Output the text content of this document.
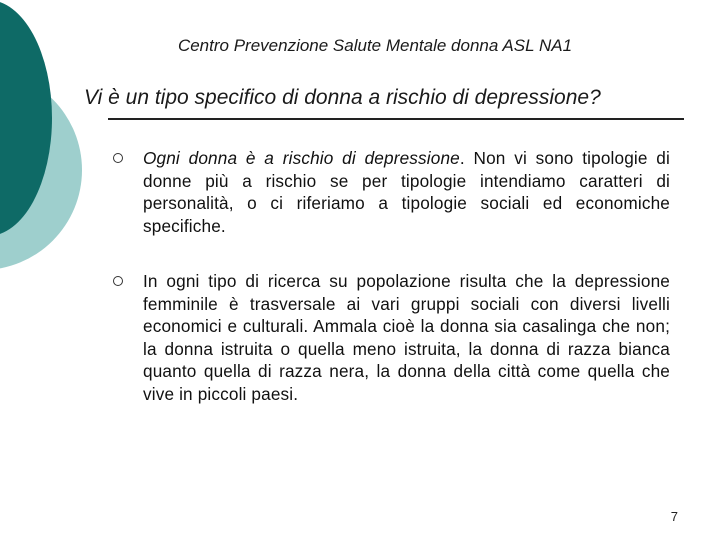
Centro Prevenzione Salute Mentale donna ASL NA1
Vi è un tipo specifico di donna a rischio di depressione?
Ogni donna è a rischio di depressione. Non vi sono tipologie di donne più a rischio se per tipologie intendiamo caratteri di personalità, o ci riferiamo a tipologie sociali ed economiche specifiche.
In ogni tipo di ricerca su popolazione risulta che la depressione femminile è trasversale ai vari gruppi sociali con diversi livelli economici e culturali. Ammala cioè la donna sia casalinga che non; la donna istruita o quella meno istruita, la donna di razza bianca quanto quella di razza nera, la donna della città come quella che vive in piccoli paesi.
7
